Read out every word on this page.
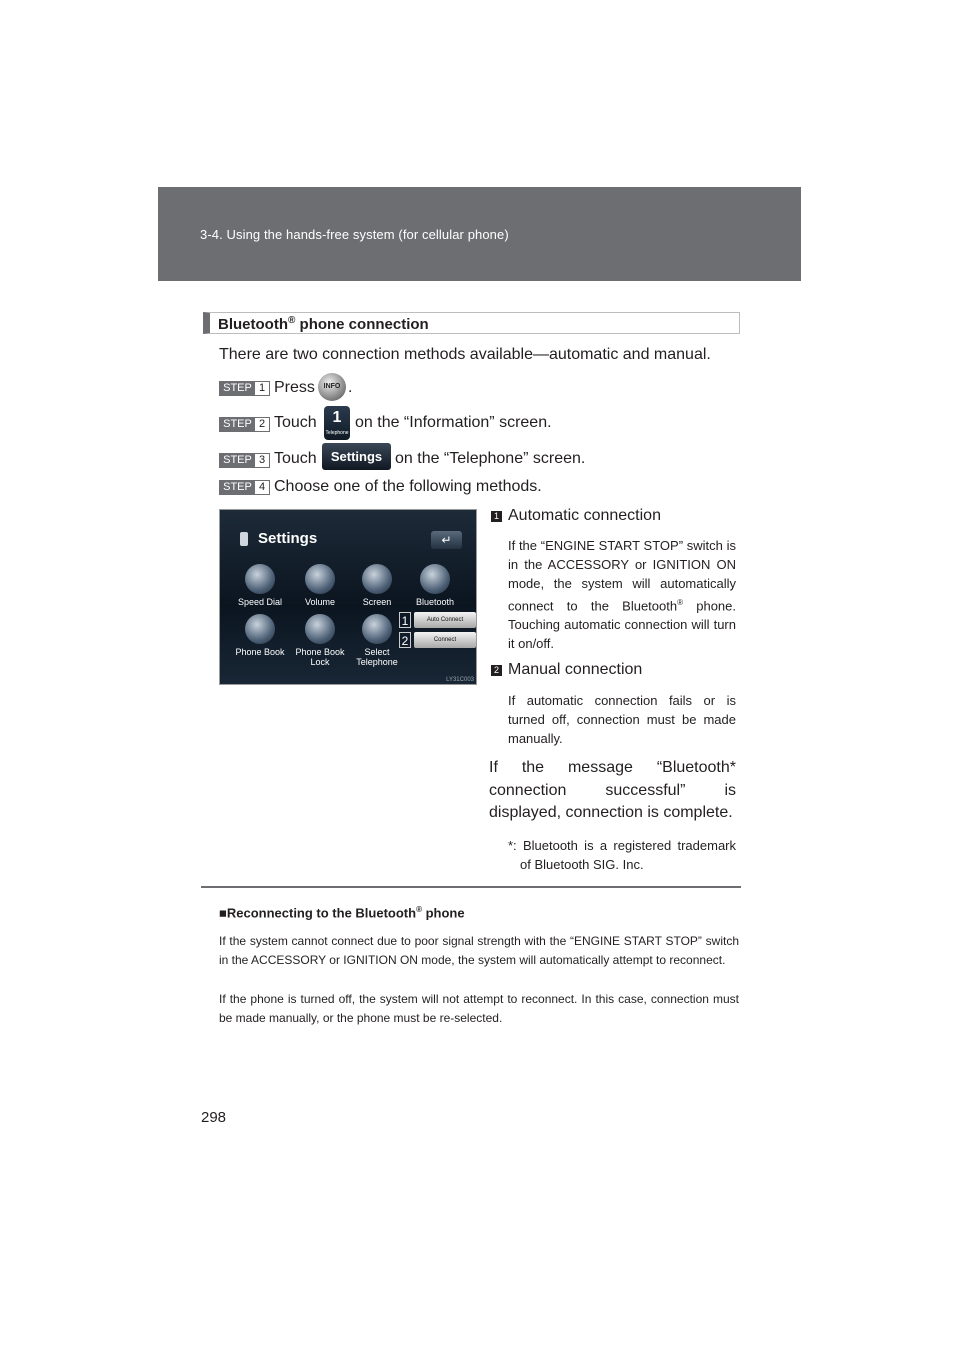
3-4. Using the hands-free system (for cellular phone)
Bluetooth® phone connection
There are two connection methods available—automatic and manual.
STEP 1 Press	INFO .
STEP 2 Touch 1
Telephone
on the “Information” screen.
STEP 3 Touch	Settings on the “Telephone” screen.
STEP 4 Choose one of the following methods.
Settings	↵
Speed Dial	Volume	Screen	Bluetooth
Phone Book	Phone Book Lock
Select Telephone
1	Auto Connect
2	Connect
LY31C003
1 Automatic connection
If the “ENGINE START STOP” switch is in the ACCESSORY or IGNITION ON mode, the system will automatically connect to the Bluetooth® phone. Touching automatic connection will turn it on/off.
2 Manual connection
If automatic connection fails or is turned off, connection must be made manually.
If the message “Bluetooth* connection successful” is displayed, connection is complete.
*: Bluetooth is a registered trademark of Bluetooth SIG. Inc.
■Reconnecting to the Bluetooth® phone
If the system cannot connect due to poor signal strength with the “ENGINE START STOP” switch in the ACCESSORY or IGNITION ON mode, the system will automatically attempt to reconnect.
If the phone is turned off, the system will not attempt to reconnect. In this case, connection must be made manually, or the phone must be re-selected.
298
